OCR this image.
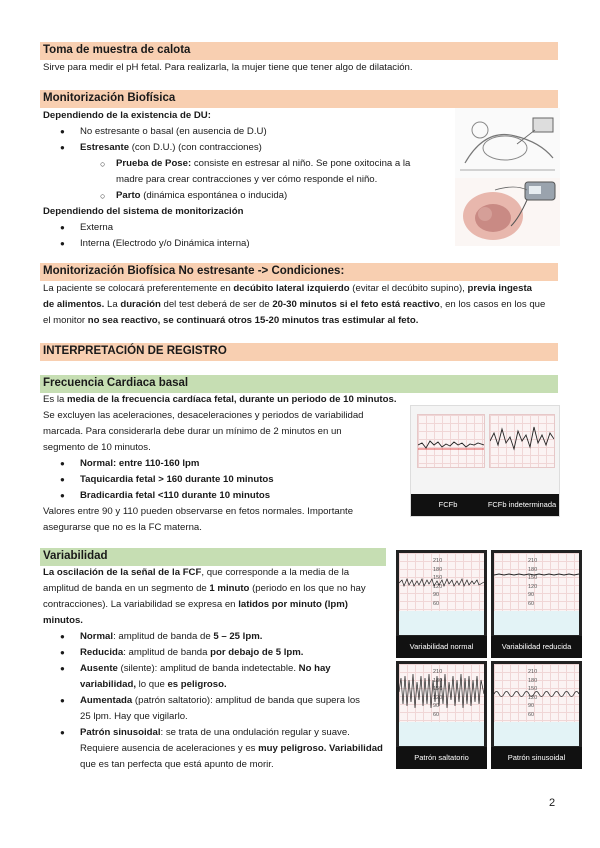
Toma de muestra de calota
Sirve para medir el pH fetal. Para realizarla, la mujer tiene que tener algo de dilatación.
Monitorización Biofísica
Dependiendo de la existencia de DU:
● No estresante o basal (en ausencia de D.U)
● Estresante (con D.U.) (con contracciones)
○ Prueba de Pose: consiste en estresar al niño. Se pone oxitocina a la
madre para crear contracciones y ver cómo responde el niño.
○ Parto (dinámica espontánea o inducida)
Dependiendo del sistema de monitorización
● Externa
● Interna (Electrodo y/o Dinámica interna)
Monitorización Biofísica No estresante -> Condiciones:
La paciente se colocará preferentemente en decúbito lateral izquierdo (evitar el decúbito supino), previa ingesta
de alimentos. La duración del test deberá de ser de 20-30 minutos si el feto está reactivo, en los casos en los que
el monitor no sea reactivo, se continuará otros 15-20 minutos tras estimular al feto.
INTERPRETACIÓN DE REGISTRO
Frecuencia Cardiaca basal
Es la media de la frecuencia cardíaca fetal, durante un periodo de 10 minutos.
Se excluyen las aceleraciones, desaceleraciones y periodos de variabilidad
marcada. Para considerarla debe durar un mínimo de 2 minutos en un
segmento de 10 minutos.
● Normal: entre 110-160 lpm
● Taquicardia fetal > 160 durante 10 minutos
● Bradicardia fetal <110 durante 10 minutos
Valores entre 90 y 110 pueden observarse en fetos normales. Importante
asegurarse que no es la FC materna.
FCFb	FCFb indeterminada
Variabilidad
La oscilación de la señal de la FCF, que corresponde a la media de la
amplitud de banda en un segmento de 1 minuto (periodo en los que no hay
contracciones). La variabilidad se expresa en latidos por minuto (lpm)
minutos.
● Normal: amplitud de banda de 5 – 25 lpm.
● Reducida: amplitud de banda por debajo de 5 lpm.
● Ausente (silente): amplitud de banda indetectable. No hay
variabilidad, lo que es peligroso.
● Aumentada (patrón saltatorio): amplitud de banda que supera los
25 lpm. Hay que vigilarlo.
● Patrón sinusoidal: se trata de una ondulación regular y suave.
Requiere ausencia de aceleraciones y es muy peligroso. Variabilidad
que es tan perfecta que está apunto de morir.
210
180
150
120
90
60
Variabilidad normal
210
180
150
120
90
60
Variabilidad reducida
210
180
150
120
90
60
Patrón saltatorio
210
180
150
120
90
60
Patrón sinusoidal
2
